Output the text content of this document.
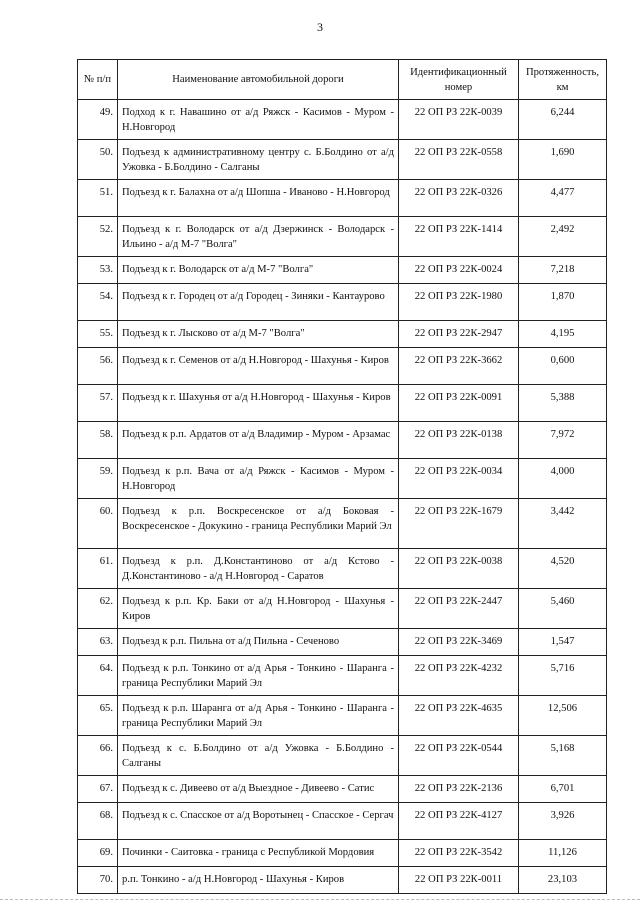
3
№ п/п	Наименование автомобильной дороги	Идентификационный номер	Протяженность, км
49.	Подход к г. Навашино от а/д Ряжск - Касимов - Муром - Н.Новгород	22 ОП РЗ 22К-0039	6,244
50.	Подъезд к административному центру с. Б.Болдино от а/д Ужовка - Б.Болдино - Салганы	22 ОП РЗ 22К-0558	1,690
51.	Подъезд к г. Балахна от а/д Шопша - Иваново - Н.Новгород	22 ОП РЗ 22К-0326	4,477
52.	Подъезд к г. Володарск от а/д Дзержинск - Володарск - Ильино - а/д М-7 "Волга"	22 ОП РЗ 22К-1414	2,492
53.	Подъезд к г. Володарск от а/д М-7 "Волга"	22 ОП РЗ 22К-0024	7,218
54.	Подъезд к г. Городец от а/д Городец - Зиняки - Кантаурово	22 ОП РЗ 22К-1980	1,870
55.	Подъезд к г. Лысково от а/д М-7 "Волга"	22 ОП РЗ 22К-2947	4,195
56.	Подъезд к г. Семенов от а/д Н.Новгород - Шахунья - Киров	22 ОП РЗ 22К-3662	0,600
57.	Подъезд к г. Шахунья от а/д Н.Новгород - Шахунья - Киров	22 ОП РЗ 22К-0091	5,388
58.	Подъезд к р.п. Ардатов от а/д Владимир - Муром - Арзамас	22 ОП РЗ 22К-0138	7,972
59.	Подъезд к р.п. Вача от а/д Ряжск - Касимов - Муром - Н.Новгород	22 ОП РЗ 22К-0034	4,000
60.	Подъезд к р.п. Воскресенское от а/д Боковая - Воскресенское - Докукино - граница Республики Марий Эл	22 ОП РЗ 22К-1679	3,442
61.	Подъезд к р.п. Д.Константиново от а/д Кстово - Д.Константиново - а/д Н.Новгород - Саратов	22 ОП РЗ 22К-0038	4,520
62.	Подъезд к р.п. Кр. Баки от а/д Н.Новгород - Шахунья - Киров	22 ОП РЗ 22К-2447	5,460
63.	Подъезд к р.п. Пильна от а/д Пильна - Сеченово	22 ОП РЗ 22К-3469	1,547
64.	Подъезд к р.п. Тонкино от а/д Арья - Тонкино - Шаранга - граница Республики Марий Эл	22 ОП РЗ 22К-4232	5,716
65.	Подъезд к р.п. Шаранга от а/д Арья - Тонкино - Шаранга - граница Республики Марий Эл	22 ОП РЗ 22К-4635	12,506
66.	Подъезд к с. Б.Болдино от а/д Ужовка - Б.Болдино - Салганы	22 ОП РЗ 22К-0544	5,168
67.	Подъезд к с. Дивеево от а/д Выездное - Дивеево - Сатис	22 ОП РЗ 22К-2136	6,701
68.	Подъезд к с. Спасское от а/д Воротынец - Спасское - Сергач	22 ОП РЗ 22К-4127	3,926
69.	Починки - Саитовка - граница с Республикой Мордовия	22 ОП РЗ 22К-3542	11,126
70.	р.п. Тонкино - а/д Н.Новгород - Шахунья - Киров	22 ОП РЗ 22К-0011	23,103
